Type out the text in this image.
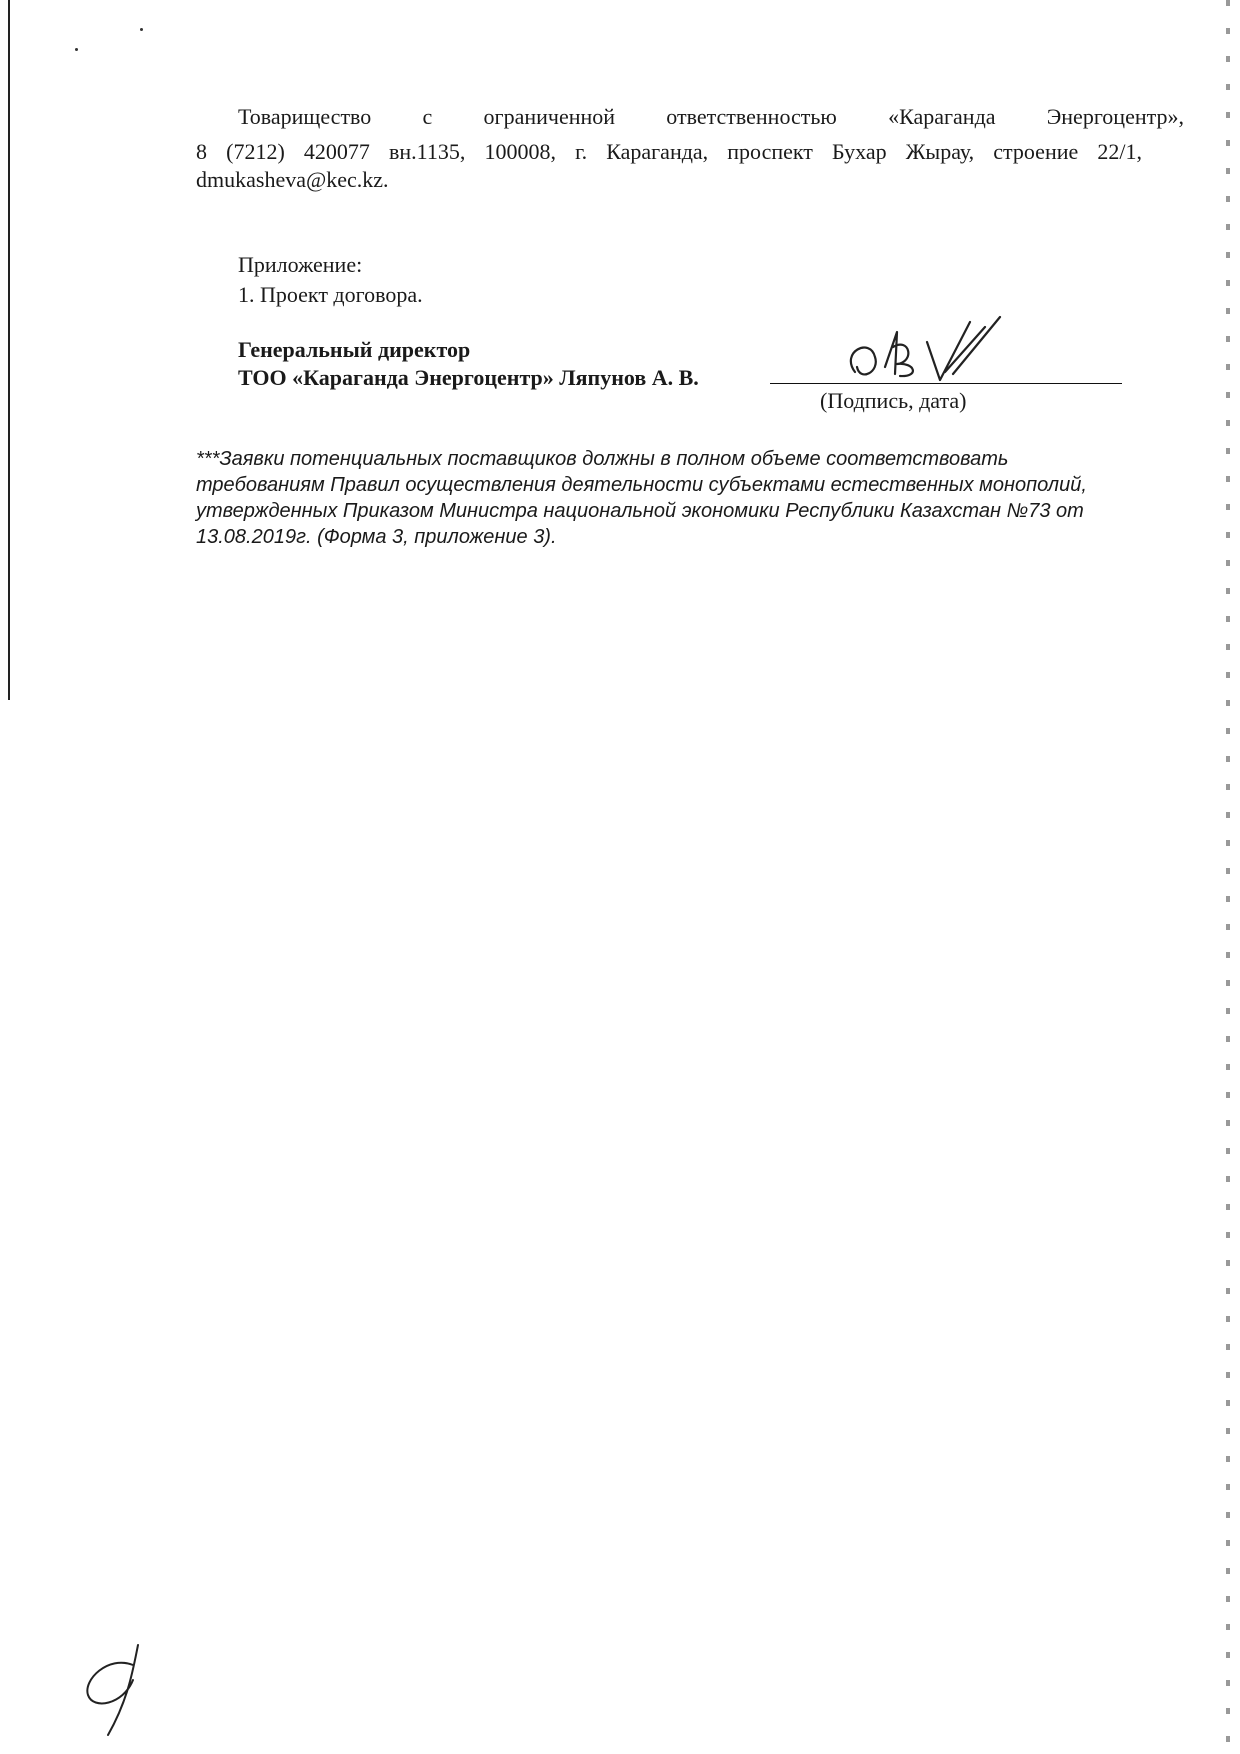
Товарищество с ограниченной ответственностью «Караганда Энергоцентр»,
8 (7212) 420077 вн.1135, 100008, г. Караганда, проспект Бухар Жырау, строение 22/1,
dmukasheva@kec.kz.
Приложение:
1. Проект договора.
Генеральный директор
ТОО «Караганда Энергоцентр» Ляпунов А. В.
(Подпись, дата)
***Заявки потенциальных поставщиков должны в полном объеме соответствовать требованиям Правил осуществления деятельности субъектами естественных монополий, утвержденных Приказом Министра национальной экономики Республики Казахстан №73 от 13.08.2019г. (Форма 3, приложение 3).
